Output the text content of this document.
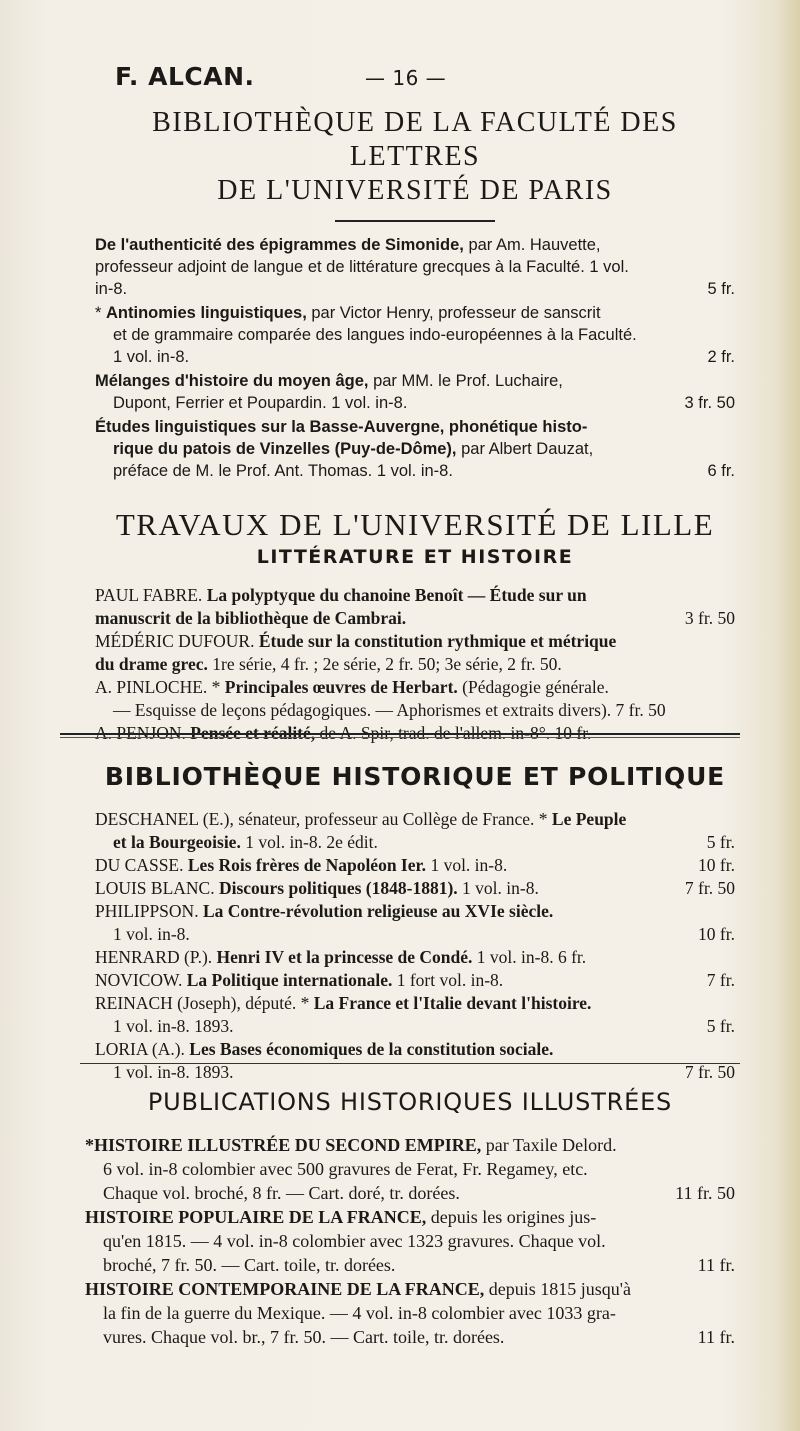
F. ALCAN.	— 16 —

BIBLIOTHÈQUE DE LA FACULTÉ DES LETTRES

DE L'UNIVERSITÉ DE PARIS

De l'authenticité des épigrammes de Simonide, par Am. Hauvette,
professeur adjoint de langue et de littérature grecques à la Faculté. 1 vol.
in-8.	5 fr.
* Antinomies linguistiques, par Victor Henry, professeur de sanscrit
et de grammaire comparée des langues indo-européennes à la Faculté.
1 vol. in-8.	2 fr.
Mélanges d'histoire du moyen âge, par MM. le Prof. Luchaire,
Dupont, Ferrier et Poupardin. 1 vol. in-8.	3 fr. 50
Études linguistiques sur la Basse-Auvergne, phonétique histo-
rique du patois de Vinzelles (Puy-de-Dôme), par Albert Dauzat,
préface de M. le Prof. Ant. Thomas. 1 vol. in-8.	6 fr.

TRAVAUX DE L'UNIVERSITÉ DE LILLE

LITTÉRATURE ET HISTOIRE

PAUL FABRE. La polyptyque du chanoine Benoît — Étude sur un
manuscrit de la bibliothèque de Cambrai.	3 fr. 50
MÉDÉRIC DUFOUR. Étude sur la constitution rythmique et métrique
du drame grec. 1re série, 4 fr. ; 2e série, 2 fr. 50; 3e série, 2 fr. 50.
A. PINLOCHE. * Principales œuvres de Herbart. (Pédagogie générale.
— Esquisse de leçons pédagogiques. — Aphorismes et extraits divers). 7 fr. 50
A. PENJON. Pensée et réalité, de A. Spir, trad. de l'allem. in-8°. 10 fr.

BIBLIOTHÈQUE HISTORIQUE ET POLITIQUE

DESCHANEL (E.), sénateur, professeur au Collège de France. * Le Peuple
et la Bourgeoisie. 1 vol. in-8. 2e édit.	5 fr.
DU CASSE. Les Rois frères de Napoléon Ier. 1 vol. in-8.	10 fr.
LOUIS BLANC. Discours politiques (1848-1881). 1 vol. in-8.	7 fr. 50
PHILIPPSON. La Contre-révolution religieuse au XVIe siècle.
1 vol. in-8.	10 fr.
HENRARD (P.). Henri IV et la princesse de Condé. 1 vol. in-8. 6 fr.
NOVICOW. La Politique internationale. 1 fort vol. in-8.	7 fr.
REINACH (Joseph), député. * La France et l'Italie devant l'histoire.
1 vol. in-8. 1893.	5 fr.
LORIA (A.). Les Bases économiques de la constitution sociale.
1 vol. in-8. 1893.	7 fr. 50

PUBLICATIONS HISTORIQUES ILLUSTRÉES

*HISTOIRE ILLUSTRÉE DU SECOND EMPIRE, par Taxile Delord.
6 vol. in-8 colombier avec 500 gravures de Ferat, Fr. Regamey, etc.
Chaque vol. broché, 8 fr. — Cart. doré, tr. dorées.	11 fr. 50
HISTOIRE POPULAIRE DE LA FRANCE, depuis les origines jus-
qu'en 1815. — 4 vol. in-8 colombier avec 1323 gravures. Chaque vol.
broché, 7 fr. 50. — Cart. toile, tr. dorées.	11 fr.
HISTOIRE CONTEMPORAINE DE LA FRANCE, depuis 1815 jusqu'à
la fin de la guerre du Mexique. — 4 vol. in-8 colombier avec 1033 gra-
vures. Chaque vol. br., 7 fr. 50. — Cart. toile, tr. dorées.	11 fr.
